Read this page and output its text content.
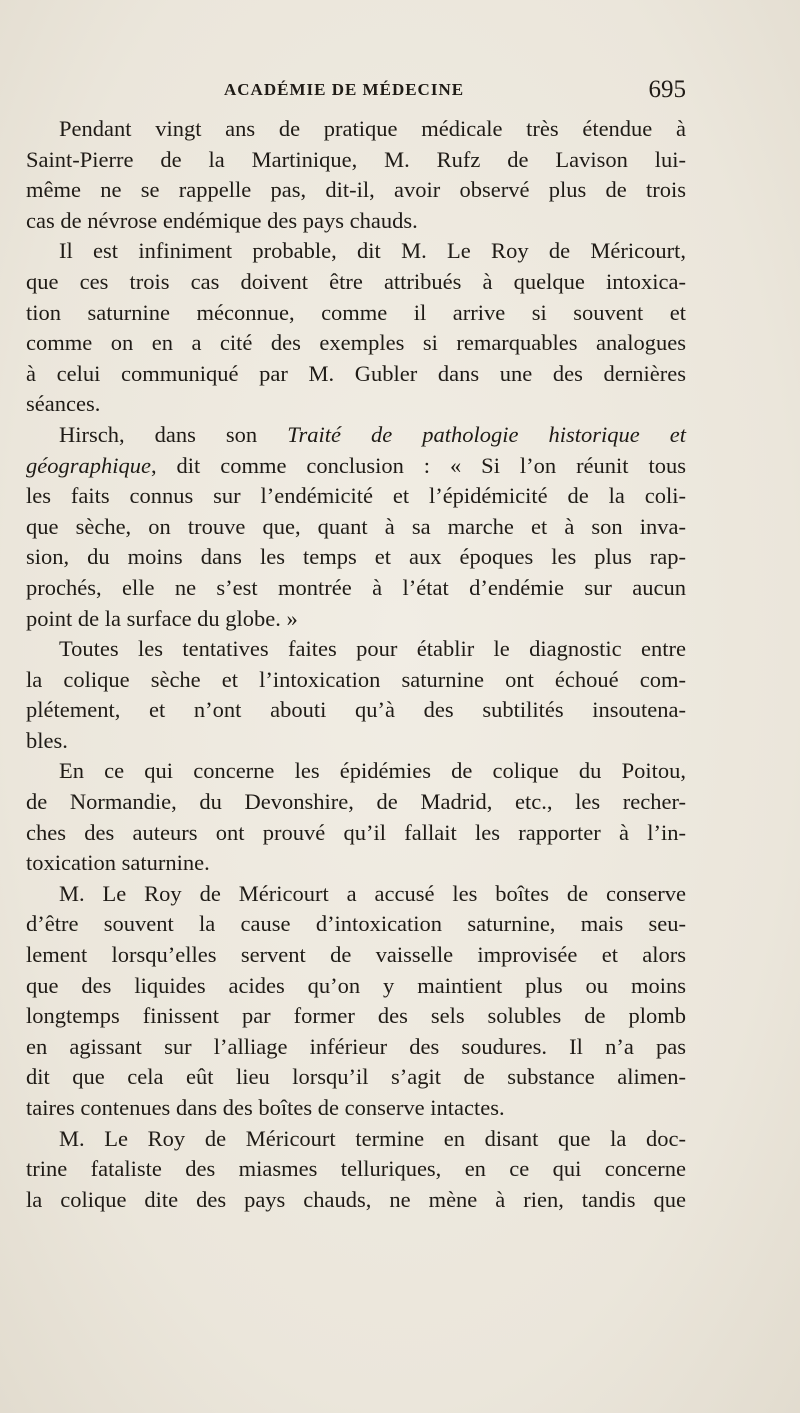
ACADÉMIE DE MÉDECINE	695
Pendant vingt ans de pratique médicale très étendue à
Saint-Pierre de la Martinique, M. Rufz de Lavison lui-
même ne se rappelle pas, dit-il, avoir observé plus de trois
cas de névrose endémique des pays chauds.
Il est infiniment probable, dit M. Le Roy de Méricourt,
que ces trois cas doivent être attribués à quelque intoxica-
tion saturnine méconnue, comme il arrive si souvent et
comme on en a cité des exemples si remarquables analogues
à celui communiqué par M. Gubler dans une des dernières
séances.
Hirsch, dans son Traité de pathologie historique et
géographique, dit comme conclusion : « Si l’on réunit tous
les faits connus sur l’endémicité et l’épidémicité de la coli-
que sèche, on trouve que, quant à sa marche et à son inva-
sion, du moins dans les temps et aux époques les plus rap-
prochés, elle ne s’est montrée à l’état d’endémie sur aucun
point de la surface du globe. »
Toutes les tentatives faites pour établir le diagnostic entre
la colique sèche et l’intoxication saturnine ont échoué com-
plétement, et n’ont abouti qu’à des subtilités insoutena-
bles.
En ce qui concerne les épidémies de colique du Poitou,
de Normandie, du Devonshire, de Madrid, etc., les recher-
ches des auteurs ont prouvé qu’il fallait les rapporter à l’in-
toxication saturnine.
M. Le Roy de Méricourt a accusé les boîtes de conserve
d’être souvent la cause d’intoxication saturnine, mais seu-
lement lorsqu’elles servent de vaisselle improvisée et alors
que des liquides acides qu’on y maintient plus ou moins
longtemps finissent par former des sels solubles de plomb
en agissant sur l’alliage inférieur des soudures. Il n’a pas
dit que cela eût lieu lorsqu’il s’agit de substance alimen-
taires contenues dans des boîtes de conserve intactes.
M. Le Roy de Méricourt termine en disant que la doc-
trine fataliste des miasmes telluriques, en ce qui concerne
la colique dite des pays chauds, ne mène à rien, tandis que
